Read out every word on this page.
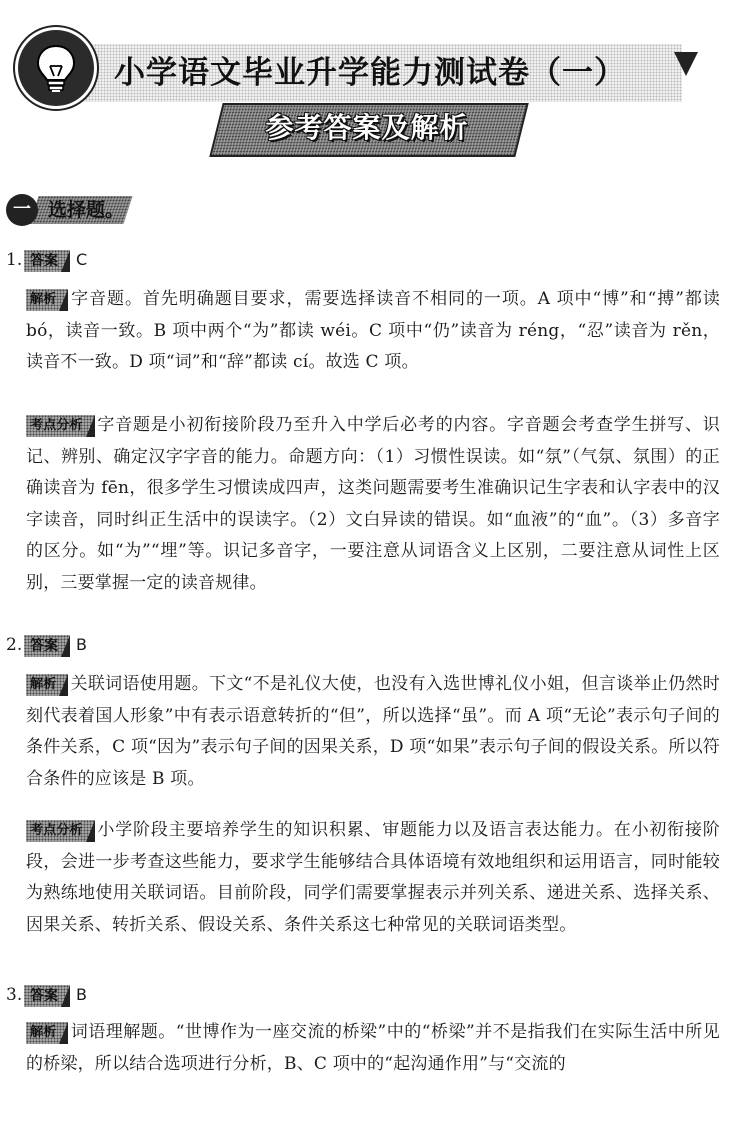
小学语文毕业升学能力测试卷（一）
参考答案及解析
一 选择题。
1. 答案 C

解析 字音题。首先明确题目要求，需要选择读音不相同的一项。A 项中“博”和“搏”都读 bó，读音一致。B 项中两个“为”都读 wéi。C 项中“仍”读音为 réng，“忍”读音为 rěn，读音不一致。D 项“词”和“辞”都读 cí。故选 C 项。

考点分析 字音题是小初衔接阶段乃至升入中学后必考的内容。字音题会考查学生拼写、识记、辨别、确定汉字字音的能力。命题方向：（1）习惯性误读。如“氛”（气氛、氛围）的正确读音为 fēn，很多学生习惯读成四声，这类问题需要考生准确识记生字表和认字表中的汉字读音，同时纠正生活中的误读字。（2）文白异读的错误。如“血液”的“血”。（3）多音字的区分。如“为”“埋”等。识记多音字，一要注意从词语含义上区别，二要注意从词性上区别，三要掌握一定的读音规律。

2. 答案 B

解析 关联词语使用题。下文“不是礼仪大使，也没有入选世博礼仪小姐，但言谈举止仍然时刻代表着国人形象”中有表示语意转折的“但”，所以选择“虽”。而 A 项“无论”表示句子间的条件关系，C 项“因为”表示句子间的因果关系，D 项“如果”表示句子间的假设关系。所以符合条件的应该是 B 项。

考点分析 小学阶段主要培养学生的知识积累、审题能力以及语言表达能力。在小初衔接阶段，会进一步考查这些能力，要求学生能够结合具体语境有效地组织和运用语言，同时能较为熟练地使用关联词语。目前阶段，同学们需要掌握表示并列关系、递进关系、选择关系、因果关系、转折关系、假设关系、条件关系这七种常见的关联词语类型。

3. 答案 B

解析 词语理解题。“世博作为一座交流的桥梁”中的“桥梁”并不是指我们在实际生活中所见的桥梁，所以结合选项进行分析，B、C 项中的“起沟通作用”与“交流的
